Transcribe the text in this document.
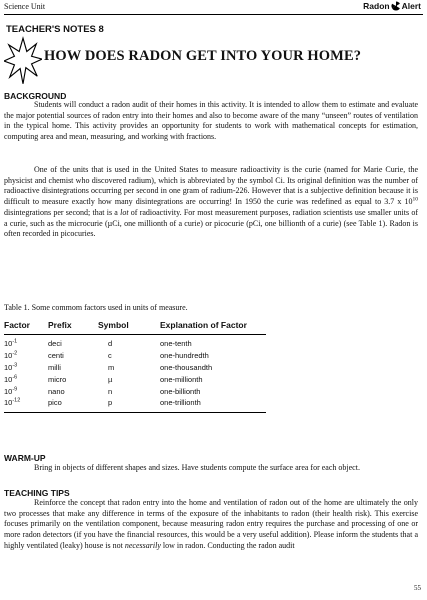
Science Unit	Radon Alert
TEACHER'S NOTES 8
HOW DOES RADON GET INTO YOUR HOME?
BACKGROUND

Students will conduct a radon audit of their homes in this activity. It is intended to allow them to estimate and evaluate the major potential sources of radon entry into their homes and also to become aware of the many “unseen” routes of ventilation in the typical home. This activity provides an opportunity for students to work with mathematical concepts for estimation, computing area and mean, measuring, and working with fractions.

One of the units that is used in the United States to measure radioactivity is the curie (named for Marie Curie, the physicist and chemist who discovered radium), which is abbreviated by the symbol Ci. Its original definition was the number of radioactive disintegrations occurring per second in one gram of radium-226. However that is a subjective definition because it is difficult to measure exactly how many disintegrations are occurring! In 1950 the curie was redefined as equal to 3.7 x $10^{10}$ disintegrations per second; that is a lot of radioactivity. For most measurement purposes, radiation scientists use smaller units of a curie, such as the microcurie (µCi, one millionth of a curie) or picocurie (pCi, one billionth of a curie) (see Table 1). Radon is often recorded in picocuries.

Table 1. Some commom factors used in units of measure.
Factor	Prefix	Symbol	Explanation of Factor
$10^{-1}$	deci	d	one-tenth
$10^{-2}$	centi	c	one-hundredth
$10^{-3}$	milli	m	one-thousandth
$10^{-6}$	micro	µ	one-millionth
$10^{-9}$	nano	n	one-billionth
$10^{-12}$	pico	p	one-trillionth
WARM-UP

Bring in objects of different shapes and sizes. Have students compute the surface area for each object.

TEACHING TIPS

Reinforce the concept that radon entry into the home and ventilation of radon out of the home are ultimately the only two processes that make any difference in terms of the exposure of the inhabitants to radon (their health risk). This exercise focuses primarily on the ventilation component, because measuring radon entry requires the purchase and processing of one or more radon detectors (if you have the financial resources, this would be a very useful addition). Please inform the students that a highly ventilated (leaky) house is not necessarily low in radon. Conducting the radon audit

55
